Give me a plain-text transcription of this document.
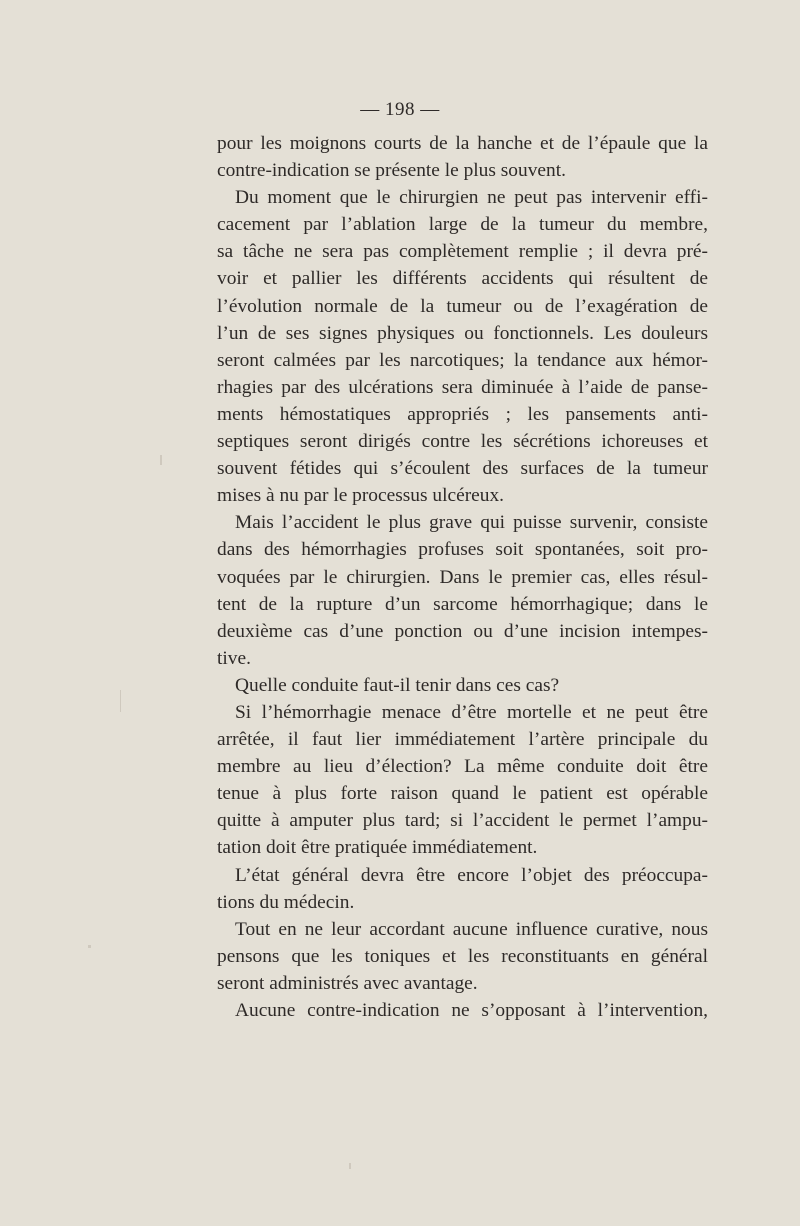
— 198 —
pour les moignons courts de la hanche et de l’épaule que la
contre-indication se présente le plus souvent.
Du moment que le chirurgien ne peut pas intervenir effi-
cacement par l’ablation large de la tumeur du membre,
sa tâche ne sera pas complètement remplie ; il devra pré-
voir et pallier les différents accidents qui résultent de
l’évolution normale de la tumeur ou de l’exagération de
l’un de ses signes physiques ou fonctionnels. Les douleurs
seront calmées par les narcotiques; la tendance aux hémor-
rhagies par des ulcérations sera diminuée à l’aide de panse-
ments hémostatiques appropriés ; les pansements anti-
septiques seront dirigés contre les sécrétions ichoreuses et
souvent fétides qui s’écoulent des surfaces de la tumeur
mises à nu par le processus ulcéreux.
Mais l’accident le plus grave qui puisse survenir, consiste
dans des hémorrhagies profuses soit spontanées, soit pro-
voquées par le chirurgien. Dans le premier cas, elles résul-
tent de la rupture d’un sarcome hémorrhagique; dans le
deuxième cas d’une ponction ou d’une incision intempes-
tive.
Quelle conduite faut-il tenir dans ces cas?
Si l’hémorrhagie menace d’être mortelle et ne peut être
arrêtée, il faut lier immédiatement l’artère principale du
membre au lieu d’élection? La même conduite doit être
tenue à plus forte raison quand le patient est opérable
quitte à amputer plus tard; si l’accident le permet l’ampu-
tation doit être pratiquée immédiatement.
L’état général devra être encore l’objet des préoccupa-
tions du médecin.
Tout en ne leur accordant aucune influence curative, nous
pensons que les toniques et les reconstituants en général
seront administrés avec avantage.
Aucune contre-indication ne s’opposant à l’intervention,
